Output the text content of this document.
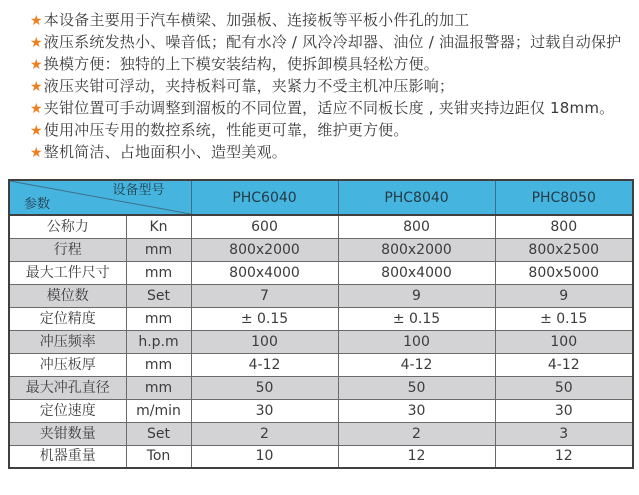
★本设备主要用于汽车横梁、加强板、连接板等平板小件孔的加工
★液压系统发热小、噪音低；配有水冷 / 风冷冷却器、油位 / 油温报警器；过载自动保护
★换模方便：独特的上下模安装结构，使拆卸模具轻松方便。
★液压夹钳可浮动，夹持板料可靠，夹紧力不受主机冲压影响；
★夹钳位置可手动调整到溜板的不同位置，适应不同板长度 , 夹钳夹持边距仅 18mm。
★使用冲压专用的数控系统，性能更可靠，维护更方便。
★整机简洁、占地面积小、造型美观。
设备型号
参数		PHC6040	PHC8040	PHC8050
公称力	Kn	600	800	800
行程	mm	800x2000	800x2000	800x2500
最大工件尺寸	mm	800x4000	800x4000	800x5000
模位数	Set	7	9	9
定位精度	mm	± 0.15	± 0.15	± 0.15
冲压频率	h.p.m	100	100	100
冲压板厚	mm	4-12	4-12	4-12
最大冲孔直径	mm	50	50	50
定位速度	m/min	30	30	30
夹钳数量	Set	2	2	3
机器重量	Ton	10	12	12
